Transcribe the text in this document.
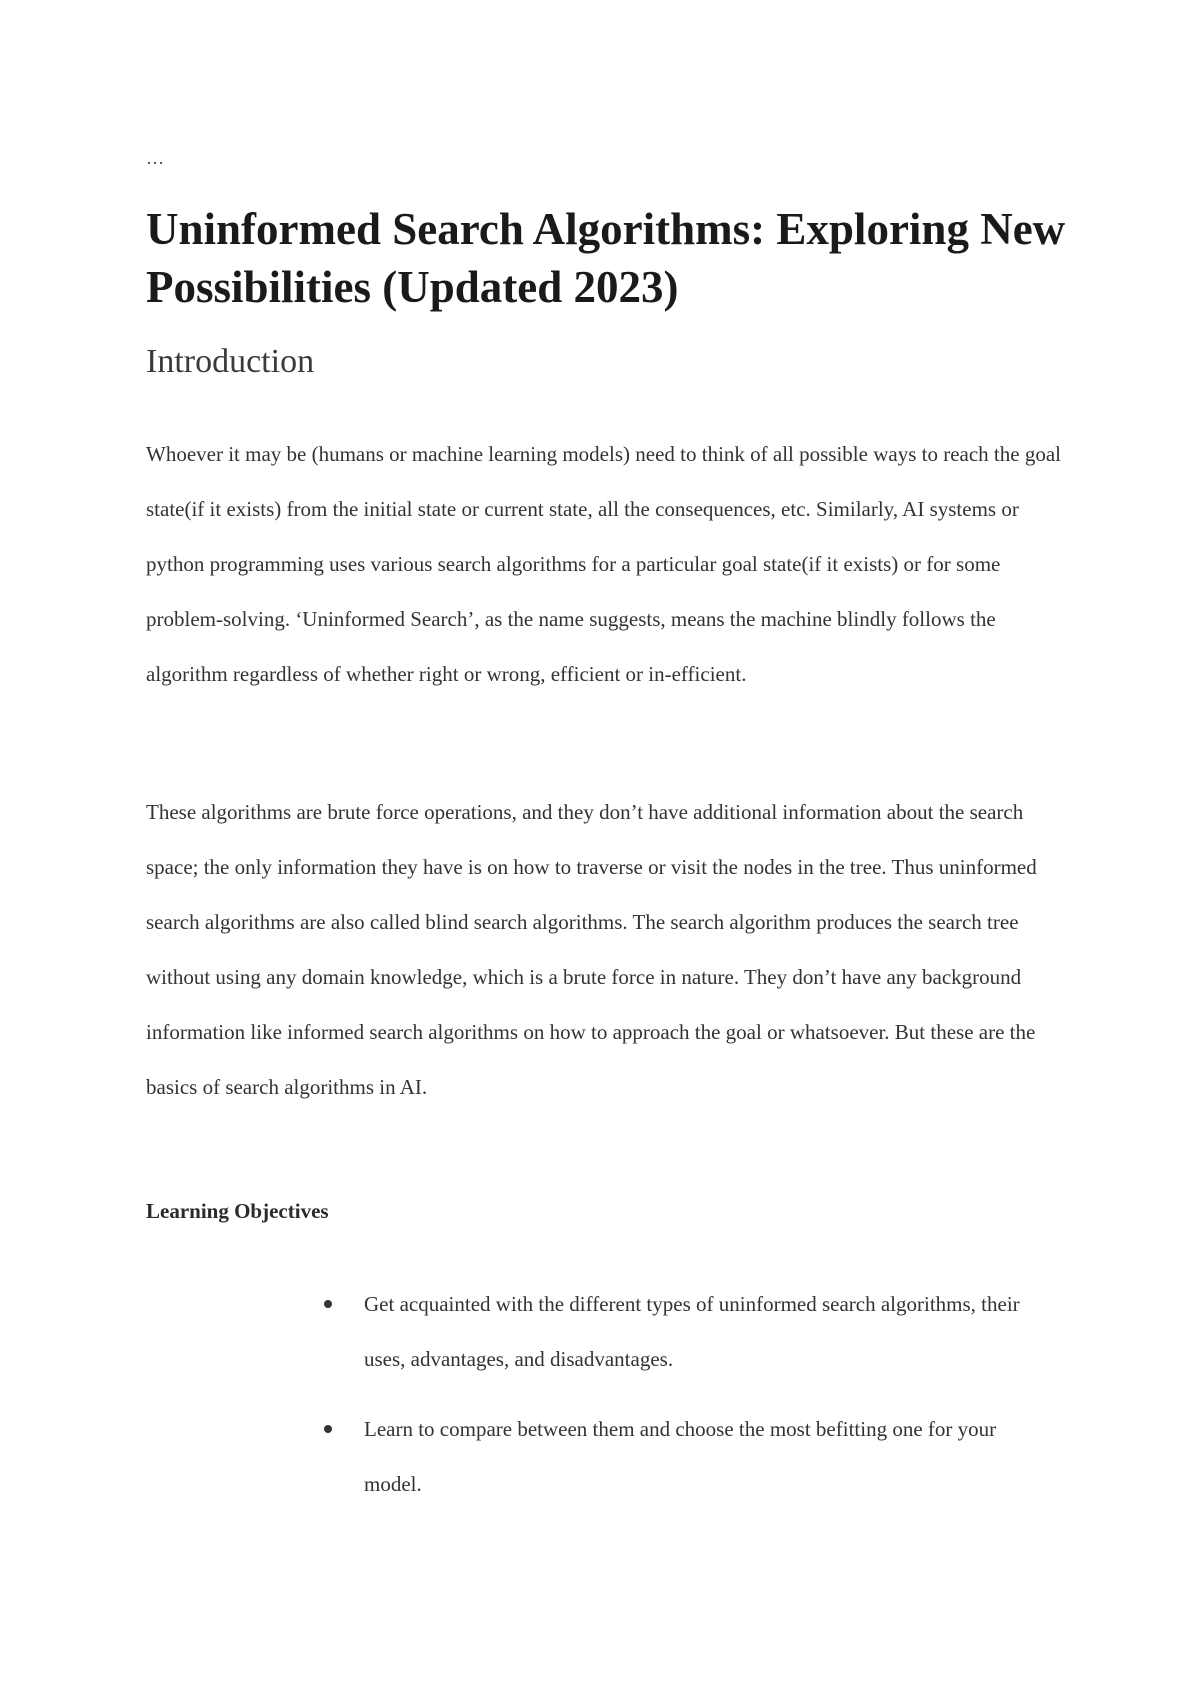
…
Uninformed Search Algorithms: Exploring New Possibilities (Updated 2023)
Introduction

Whoever it may be (humans or machine learning models) need to think of all possible ways to reach the goal state(if it exists) from the initial state or current state, all the consequences, etc. Similarly, AI systems or python programming uses various search algorithms for a particular goal state(if it exists) or for some problem-solving. ‘Uninformed Search’, as the name suggests, means the machine blindly follows the algorithm regardless of whether right or wrong, efficient or in-efficient.

These algorithms are brute force operations, and they don’t have additional information about the search space; the only information they have is on how to traverse or visit the nodes in the tree. Thus uninformed search algorithms are also called blind search algorithms. The search algorithm produces the search tree without using any domain knowledge, which is a brute force in nature. They don’t have any background information like informed search algorithms on how to approach the goal or whatsoever. But these are the basics of search algorithms in AI.

Learning Objectives
Get acquainted with the different types of uninformed search algorithms, their uses, advantages, and disadvantages.
Learn to compare between them and choose the most befitting one for your model.
